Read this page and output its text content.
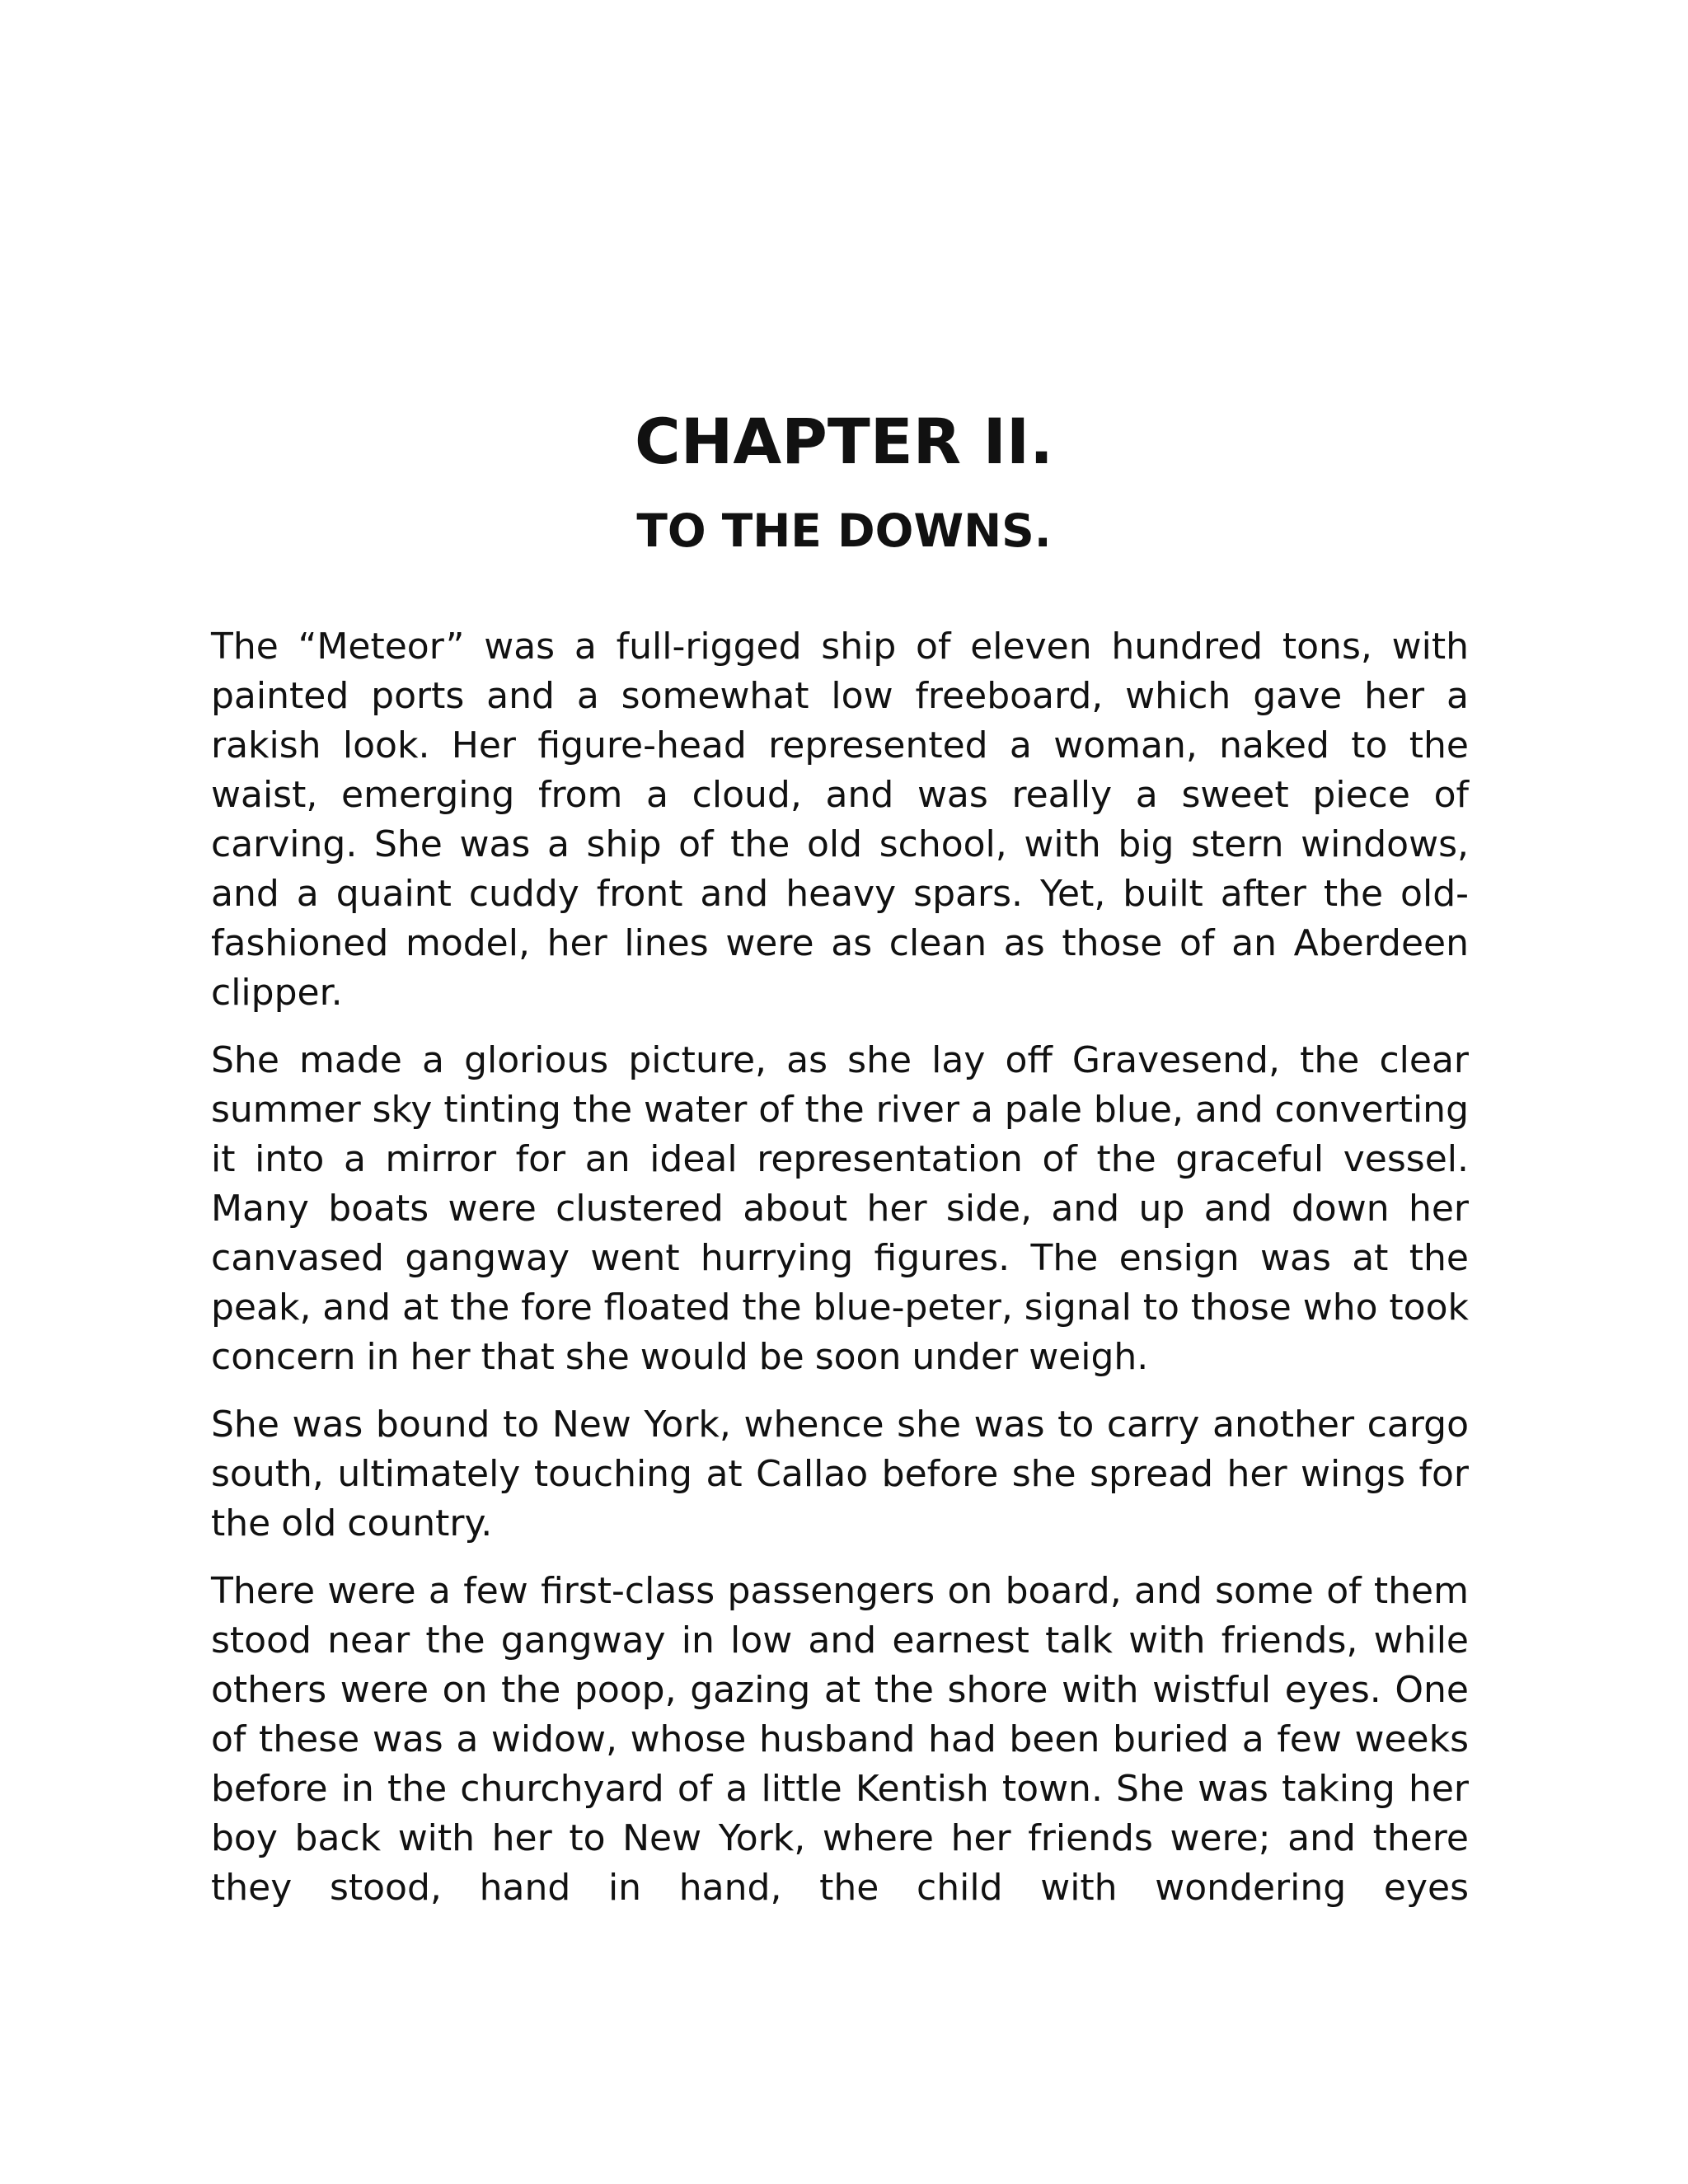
CHAPTER II.
TO THE DOWNS.

The “Meteor” was a full-rigged ship of eleven hundred tons, with painted ports and a somewhat low freeboard, which gave her a rakish look. Her figure-head represented a woman, naked to the waist, emerging from a cloud, and was really a sweet piece of carving. She was a ship of the old school, with big stern windows, and a quaint cuddy front and heavy spars. Yet, built after the old-fashioned model, her lines were as clean as those of an Aberdeen clipper.

She made a glorious picture, as she lay off Gravesend, the clear summer sky tinting the water of the river a pale blue, and converting it into a mirror for an ideal representation of the graceful vessel. Many boats were clustered about her side, and up and down her canvased gangway went hurrying figures. The ensign was at the peak, and at the fore floated the blue-peter, signal to those who took concern in her that she would be soon under weigh.

She was bound to New York, whence she was to carry another cargo south, ultimately touching at Callao before she spread her wings for the old country.

There were a few first-class passengers on board, and some of them stood near the gangway in low and earnest talk with friends, while others were on the poop, gazing at the shore with wistful eyes. One of these was a widow, whose husband had been buried a few weeks before in the churchyard of a little Kentish town. She was taking her boy back with her to New York, where her friends were; and there they stood, hand in hand, the child with wondering eyes
